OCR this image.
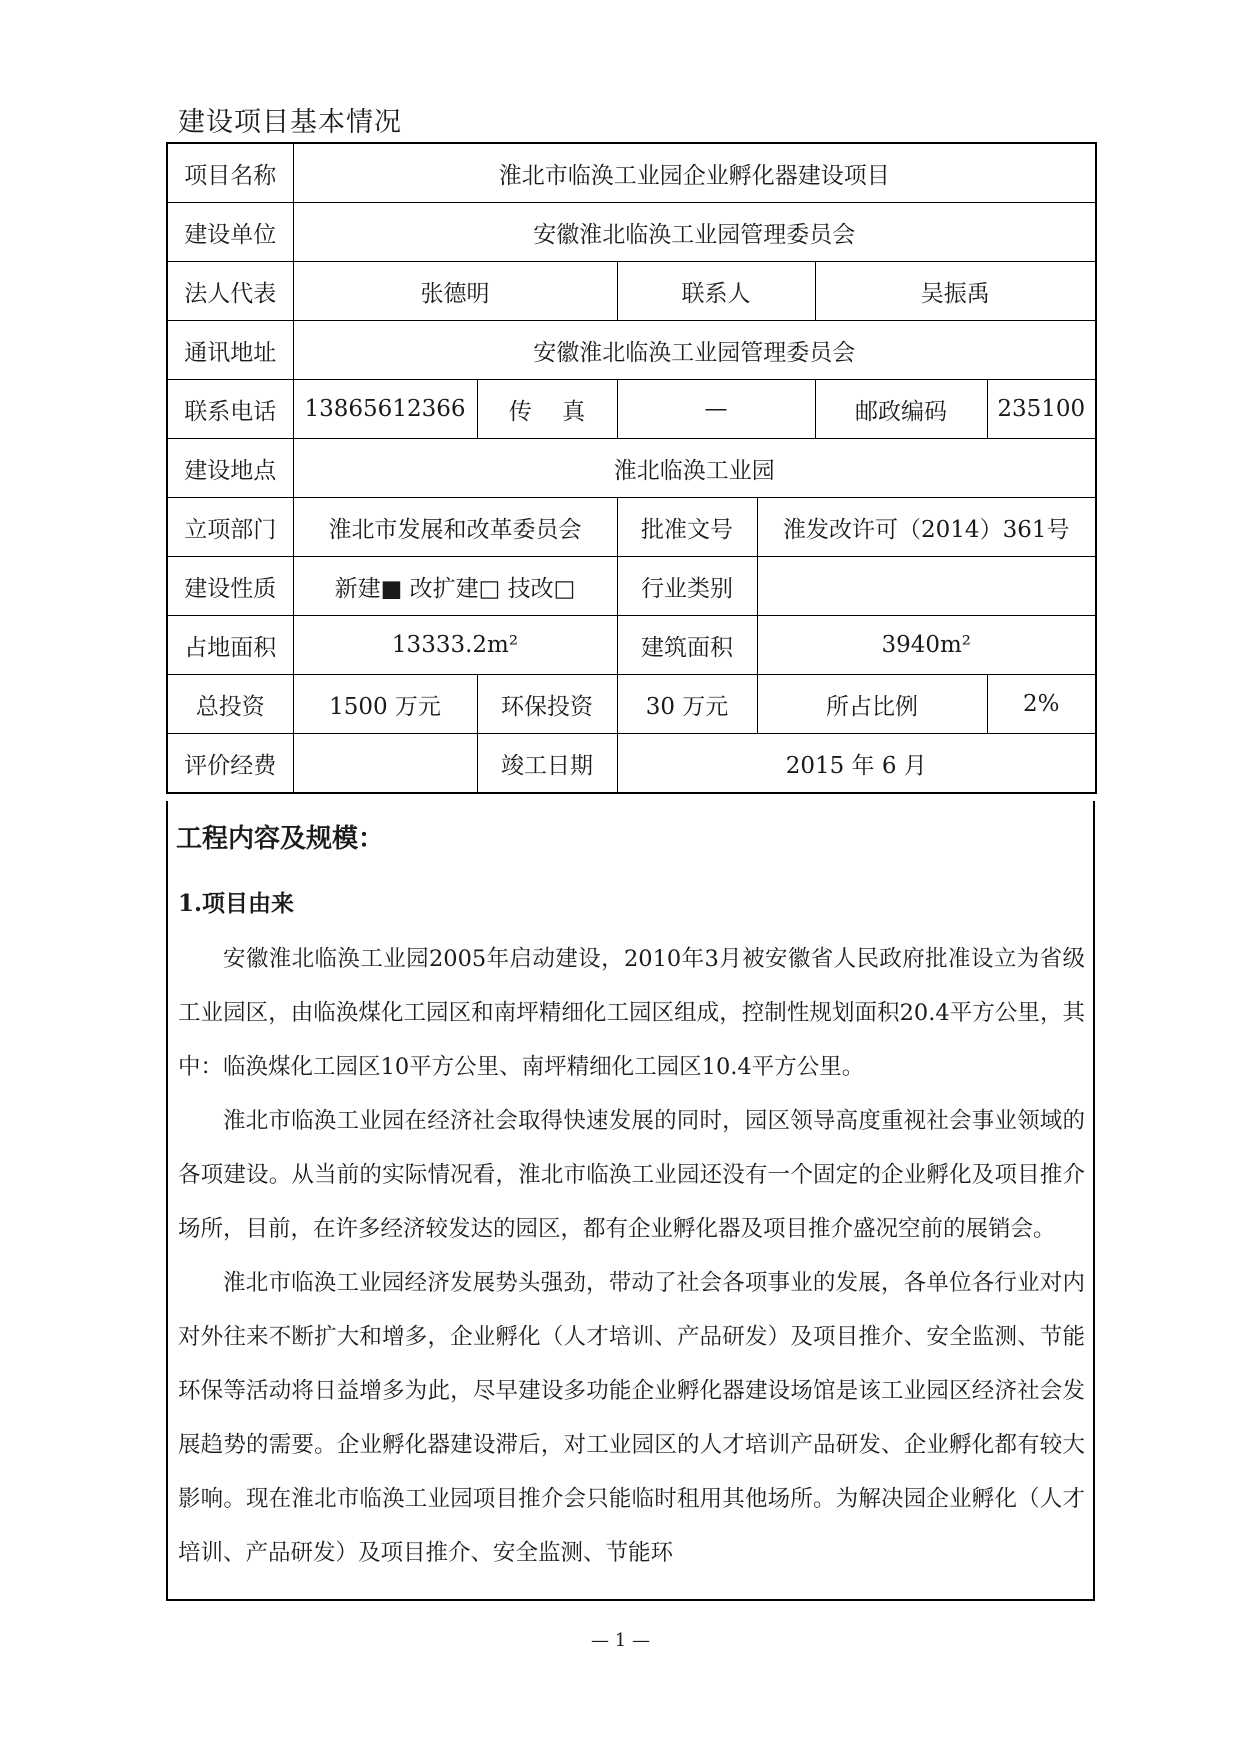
建设项目基本情况
项目名称	淮北市临涣工业园企业孵化器建设项目					
建设单位	安徽淮北临涣工业园管理委员会					
法人代表	张德明		联系人		吴振禹	
通讯地址	安徽淮北临涣工业园管理委员会					
联系电话	13865612366	传　 真	—		邮政编码	235100
建设地点	淮北临涣工业园					
立项部门	淮北市发展和改革委员会		批准文号	淮发改许可（2014）361号		
建设性质	新建■ 改扩建□ 技改□		行业类别			
占地面积	13333.2m²		建筑面积	3940m²		
总投资	1500 万元	环保投资	30 万元	所占比例		2%
评价经费		竣工日期	2015 年 6 月			
工程内容及规模：
1.项目由来

安徽淮北临涣工业园2005年启动建设，2010年3月被安徽省人民政府批准设立为省级工业园区，由临涣煤化工园区和南坪精细化工园区组成，控制性规划面积20.4平方公里，其中：临涣煤化工园区10平方公里、南坪精细化工园区10.4平方公里。

淮北市临涣工业园在经济社会取得快速发展的同时，园区领导高度重视社会事业领域的各项建设。从当前的实际情况看，淮北市临涣工业园还没有一个固定的企业孵化及项目推介场所，目前，在许多经济较发达的园区，都有企业孵化器及项目推介盛况空前的展销会。

淮北市临涣工业园经济发展势头强劲，带动了社会各项事业的发展，各单位各行业对内对外往来不断扩大和增多，企业孵化（人才培训、产品研发）及项目推介、安全监测、节能环保等活动将日益增多为此，尽早建设多功能企业孵化器建设场馆是该工业园区经济社会发展趋势的需要。企业孵化器建设滞后，对工业园区的人才培训产品研发、企业孵化都有较大影响。现在淮北市临涣工业园项目推介会只能临时租用其他场所。为解决园企业孵化（人才培训、产品研发）及项目推介、安全监测、节能环

— 1 —
